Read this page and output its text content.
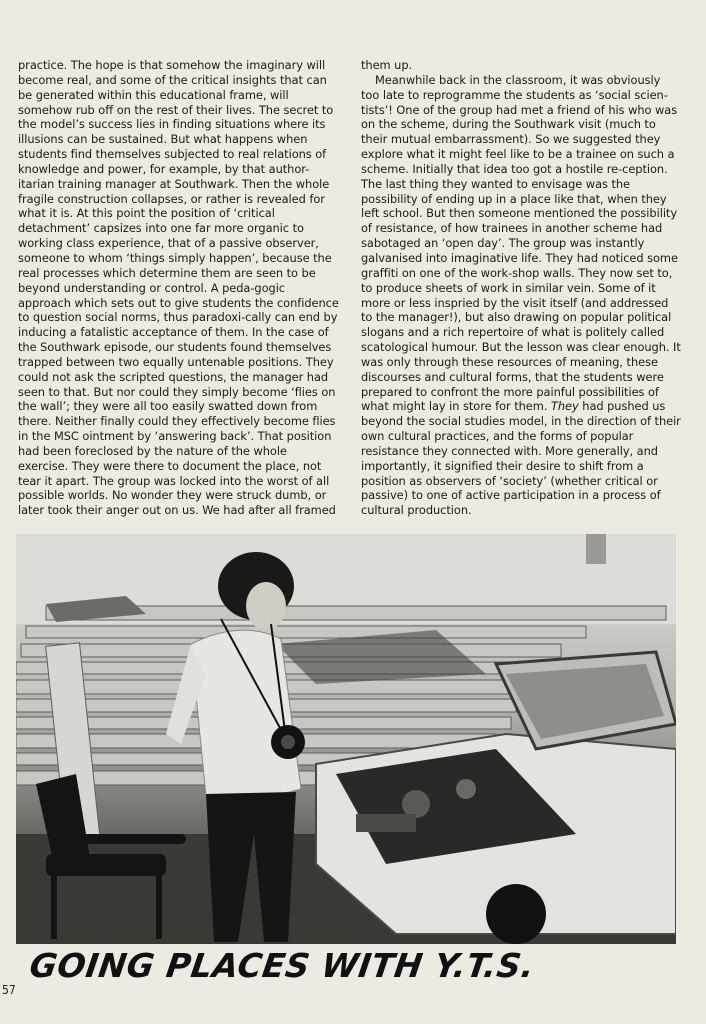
practice. The hope is that somehow the imaginary will become real, and some of the critical insights that can be generated within this educational frame, will somehow rub off on the rest of their lives. The secret to the model’s success lies in finding situations where its illusions can be sustained. But what happens when students find themselves subjected to real relations of knowledge and power, for example, by that author-itarian training manager at Southwark. Then the whole fragile construction collapses, or rather is revealed for what it is. At this point the position of ‘critical detachment’ capsizes into one far more organic to working class experience, that of a passive observer, someone to whom ‘things simply happen’, because the real processes which determine them are seen to be beyond understanding or control. A peda-gogic approach which sets out to give students the confidence to question social norms, thus paradoxi-cally can end by inducing a fatalistic acceptance of them. In the case of the Southwark episode, our students found themselves trapped between two equally untenable positions. They could not ask the scripted questions, the manager had seen to that. But nor could they simply become ‘flies on the wall’; they were all too easily swatted down from there. Neither finally could they effectively become flies in the MSC ointment by ‘answering back’. That position had been foreclosed by the nature of the whole exercise. They were there to document the place, not tear it apart. The group was locked into the worst of all possible worlds. No wonder they were struck dumb, or later took their anger out on us. We had after all framed

them up.

Meanwhile back in the classroom, it was obviously too late to reprogramme the students as ‘social scien-tists’! One of the group had met a friend of his who was on the scheme, during the Southwark visit (much to their mutual embarrassment). So we suggested they explore what it might feel like to be a trainee on such a scheme. Initially that idea too got a hostile re-ception. The last thing they wanted to envisage was the possibility of ending up in a place like that, when they left school. But then someone mentioned the possibility of resistance, of how trainees in another scheme had sabotaged an ‘open day’. The group was instantly galvanised into imaginative life. They had noticed some graffiti on one of the work-shop walls. They now set to, to produce sheets of work in similar vein. Some of it more or less inspried by the visit itself (and addressed to the manager!), but also drawing on popular political slogans and a rich repertoire of what is politely called scatological humour. But the lesson was clear enough. It was only through these resources of meaning, these discourses and cultural forms, that the students were prepared to confront the more painful possibilities of what might lay in store for them. They had pushed us beyond the social studies model, in the direction of their own cultural practices, and the forms of popular resistance they connected with. More generally, and importantly, it signified their desire to shift from a position as observers of ‘society’ (whether critical or passive) to one of active participation in a process of cultural production.

GOING PLACES WITH Y.T.S.
57
